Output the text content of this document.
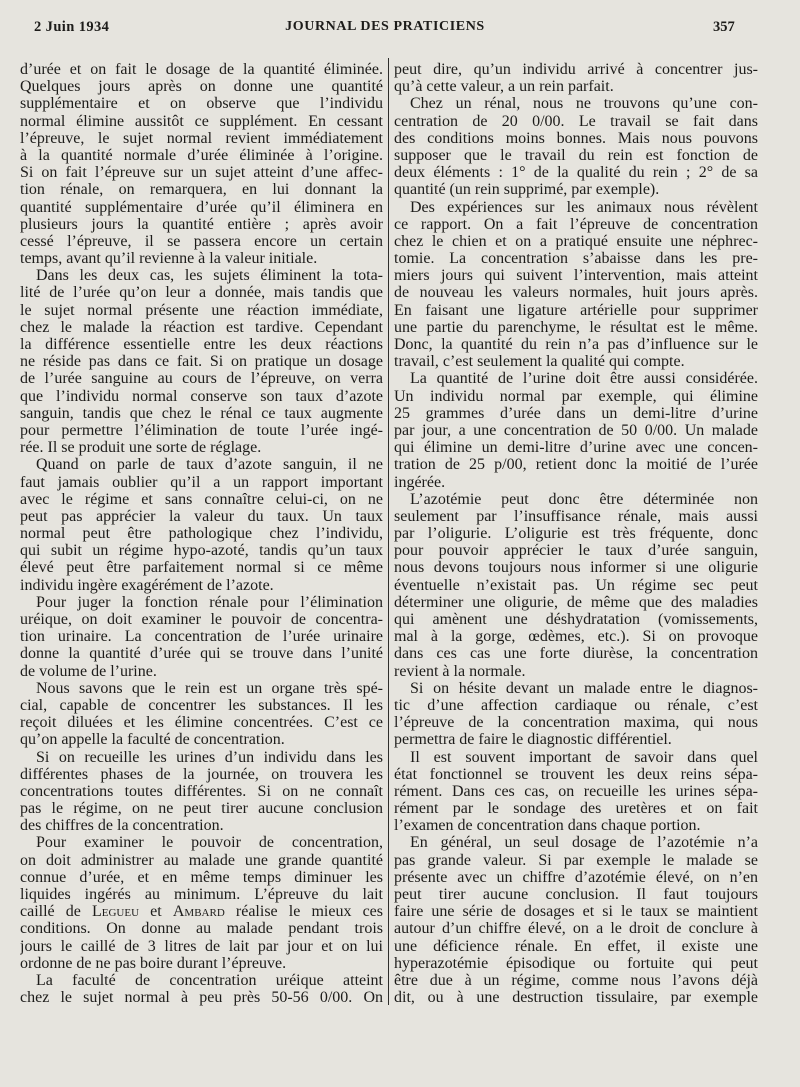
2 Juin 1934	JOURNAL DES PRATICIENS	357
d’urée et on fait le dosage de la quantité éliminée.
Quelques jours après on donne une quantité
supplémentaire et on observe que l’individu
normal élimine aussitôt ce supplément. En cessant
l’épreuve, le sujet normal revient immédiatement
à la quantité normale d’urée éliminée à l’origine.
Si on fait l’épreuve sur un sujet atteint d’une affec-
tion rénale, on remarquera, en lui donnant la
quantité supplémentaire d’urée qu’il éliminera en
plusieurs jours la quantité entière ; après avoir
cessé l’épreuve, il se passera encore un certain
temps, avant qu’il revienne à la valeur initiale.
Dans les deux cas, les sujets éliminent la tota-
lité de l’urée qu’on leur a donnée, mais tandis que
le sujet normal présente une réaction immédiate,
chez le malade la réaction est tardive. Cependant
la différence essentielle entre les deux réactions
ne réside pas dans ce fait. Si on pratique un dosage
de l’urée sanguine au cours de l’épreuve, on verra
que l’individu normal conserve son taux d’azote
sanguin, tandis que chez le rénal ce taux augmente
pour permettre l’élimination de toute l’urée ingé-
rée. Il se produit une sorte de réglage.
Quand on parle de taux d’azote sanguin, il ne
faut jamais oublier qu’il a un rapport important
avec le régime et sans connaître celui-ci, on ne
peut pas apprécier la valeur du taux. Un taux
normal peut être pathologique chez l’individu,
qui subit un régime hypo-azoté, tandis qu’un taux
élevé peut être parfaitement normal si ce même
individu ingère exagérément de l’azote.
Pour juger la fonction rénale pour l’élimination
uréique, on doit examiner le pouvoir de concentra-
tion urinaire. La concentration de l’urée urinaire
donne la quantité d’urée qui se trouve dans l’unité
de volume de l’urine.
Nous savons que le rein est un organe très spé-
cial, capable de concentrer les substances. Il les
reçoit diluées et les élimine concentrées. C’est ce
qu’on appelle la faculté de concentration.
Si on recueille les urines d’un individu dans les
différentes phases de la journée, on trouvera les
concentrations toutes différentes. Si on ne connaît
pas le régime, on ne peut tirer aucune conclusion
des chiffres de la concentration.
Pour examiner le pouvoir de concentration,
on doit administrer au malade une grande quantité
connue d’urée, et en même temps diminuer les
liquides ingérés au minimum. L’épreuve du lait
caillé de Legueu et Ambard réalise le mieux ces
conditions. On donne au malade pendant trois
jours le caillé de 3 litres de lait par jour et on lui
ordonne de ne pas boire durant l’épreuve.
La faculté de concentration uréique atteint
chez le sujet normal à peu près 50-56 0/00. On
peut dire, qu’un individu arrivé à concentrer jus-
qu’à cette valeur, a un rein parfait.
Chez un rénal, nous ne trouvons qu’une con-
centration de 20 0/00. Le travail se fait dans
des conditions moins bonnes. Mais nous pouvons
supposer que le travail du rein est fonction de
deux éléments : 1° de la qualité du rein ; 2° de sa
quantité (un rein supprimé, par exemple).
Des expériences sur les animaux nous révèlent
ce rapport. On a fait l’épreuve de concentration
chez le chien et on a pratiqué ensuite une néphrec-
tomie. La concentration s’abaisse dans les pre-
miers jours qui suivent l’intervention, mais atteint
de nouveau les valeurs normales, huit jours après.
En faisant une ligature artérielle pour supprimer
une partie du parenchyme, le résultat est le même.
Donc, la quantité du rein n’a pas d’influence sur le
travail, c’est seulement la qualité qui compte.
La quantité de l’urine doit être aussi considérée.
Un individu normal par exemple, qui élimine
25 grammes d’urée dans un demi-litre d’urine
par jour, a une concentration de 50 0/00. Un malade
qui élimine un demi-litre d’urine avec une concen-
tration de 25 p/00, retient donc la moitié de l’urée
ingérée.
L’azotémie peut donc être déterminée non
seulement par l’insuffisance rénale, mais aussi
par l’oligurie. L’oligurie est très fréquente, donc
pour pouvoir apprécier le taux d’urée sanguin,
nous devons toujours nous informer si une oligurie
éventuelle n’existait pas. Un régime sec peut
déterminer une oligurie, de même que des maladies
qui amènent une déshydratation (vomissements,
mal à la gorge, œdèmes, etc.). Si on provoque
dans ces cas une forte diurèse, la concentration
revient à la normale.
Si on hésite devant un malade entre le diagnos-
tic d’une affection cardiaque ou rénale, c’est
l’épreuve de la concentration maxima, qui nous
permettra de faire le diagnostic différentiel.
Il est souvent important de savoir dans quel
état fonctionnel se trouvent les deux reins sépa-
rément. Dans ces cas, on recueille les urines sépa-
rément par le sondage des uretères et on fait
l’examen de concentration dans chaque portion.
En général, un seul dosage de l’azotémie n’a
pas grande valeur. Si par exemple le malade se
présente avec un chiffre d’azotémie élevé, on n’en
peut tirer aucune conclusion. Il faut toujours
faire une série de dosages et si le taux se maintient
autour d’un chiffre élevé, on a le droit de conclure à
une déficience rénale. En effet, il existe une
hyperazotémie épisodique ou fortuite qui peut
être due à un régime, comme nous l’avons déjà
dit, ou à une destruction tissulaire, par exemple
